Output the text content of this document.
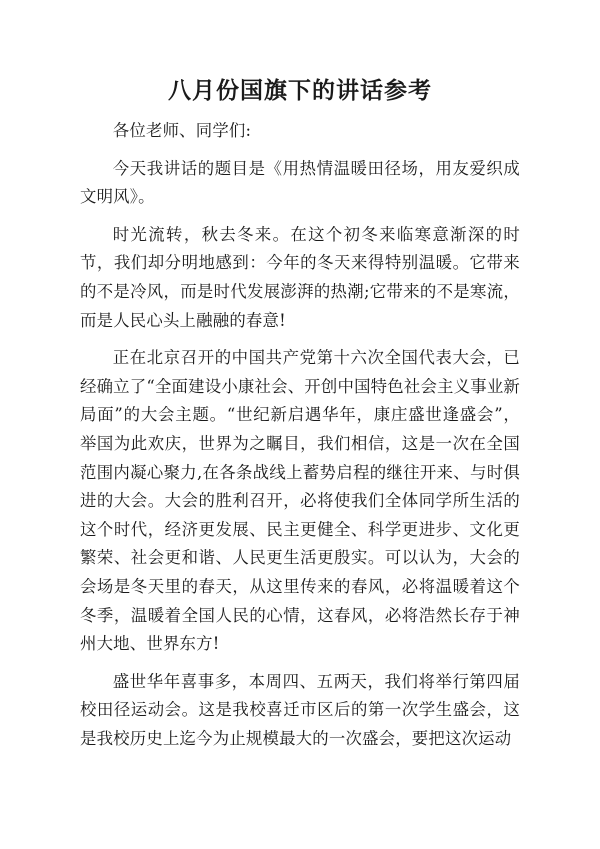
八月份国旗下的讲话参考

各位老师、同学们:

今天我讲话的题目是《用热情温暖田径场，用友爱织成文明风》。

时光流转，秋去冬来。在这个初冬来临寒意渐深的时节，我们却分明地感到：今年的冬天来得特别温暖。它带来的不是冷风，而是时代发展澎湃的热潮;它带来的不是寒流，而是人民心头上融融的春意!

正在北京召开的中国共产党第十六次全国代表大会，已经确立了“全面建设小康社会、开创中国特色社会主义事业新局面”的大会主题。“世纪新启遇华年，康庄盛世逢盛会”，举国为此欢庆，世界为之瞩目，我们相信，这是一次在全国范围内凝心聚力,在各条战线上蓄势启程的继往开来、与时俱进的大会。大会的胜利召开，必将使我们全体同学所生活的这个时代，经济更发展、民主更健全、科学更进步、文化更繁荣、社会更和谐、人民更生活更殷实。可以认为，大会的会场是冬天里的春天，从这里传来的春风，必将温暖着这个冬季，温暖着全国人民的心情，这春风，必将浩然长存于神州大地、世界东方!

盛世华年喜事多，本周四、五两天，我们将举行第四届校田径运动会。这是我校喜迁市区后的第一次学生盛会，这是我校历史上迄今为止规模最大的一次盛会，要把这次运动
